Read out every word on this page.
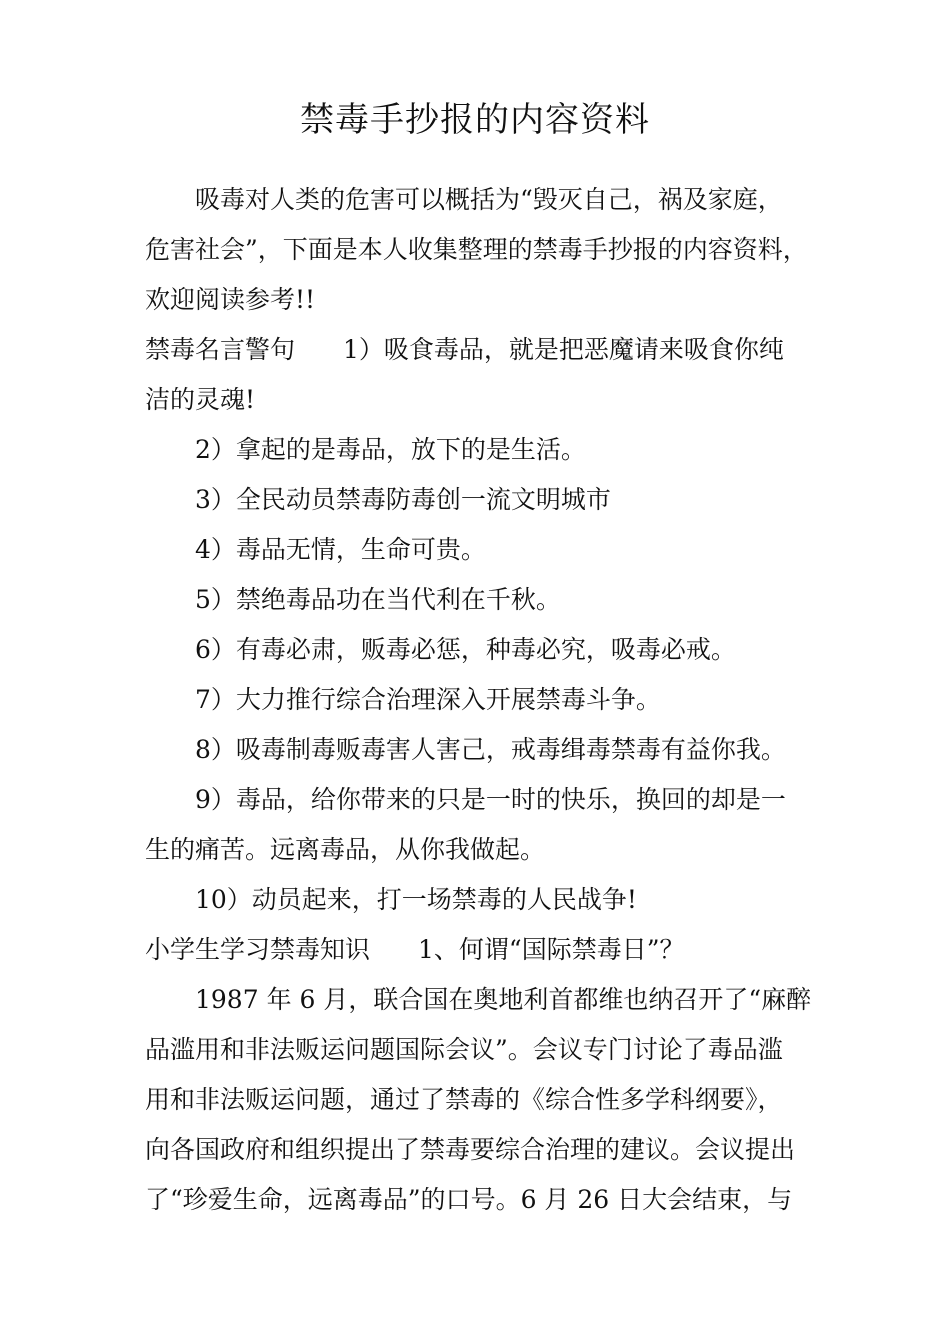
禁毒手抄报的内容资料
吸毒对人类的危害可以概括为“毁灭自己，祸及家庭，
危害社会”，下面是本人收集整理的禁毒手抄报的内容资料，
欢迎阅读参考!!
禁毒名言警句 1）吸食毒品，就是把恶魔请来吸食你纯
洁的灵魂!
2）拿起的是毒品，放下的是生活。
3）全民动员禁毒防毒创一流文明城市
4）毒品无情，生命可贵。
5）禁绝毒品功在当代利在千秋。
6）有毒必肃，贩毒必惩，种毒必究，吸毒必戒。
7）大力推行综合治理深入开展禁毒斗争。
8）吸毒制毒贩毒害人害己，戒毒缉毒禁毒有益你我。
9）毒品，给你带来的只是一时的快乐，换回的却是一
生的痛苦。远离毒品，从你我做起。
10）动员起来，打一场禁毒的人民战争!
小学生学习禁毒知识 1、何谓“国际禁毒日”？
1987 年 6 月，联合国在奥地利首都维也纳召开了“麻醉
品滥用和非法贩运问题国际会议”。会议专门讨论了毒品滥
用和非法贩运问题，通过了禁毒的《综合性多学科纲要》，
向各国政府和组织提出了禁毒要综合治理的建议。会议提出
了“珍爱生命，远离毒品”的口号。6 月 26 日大会结束，与
